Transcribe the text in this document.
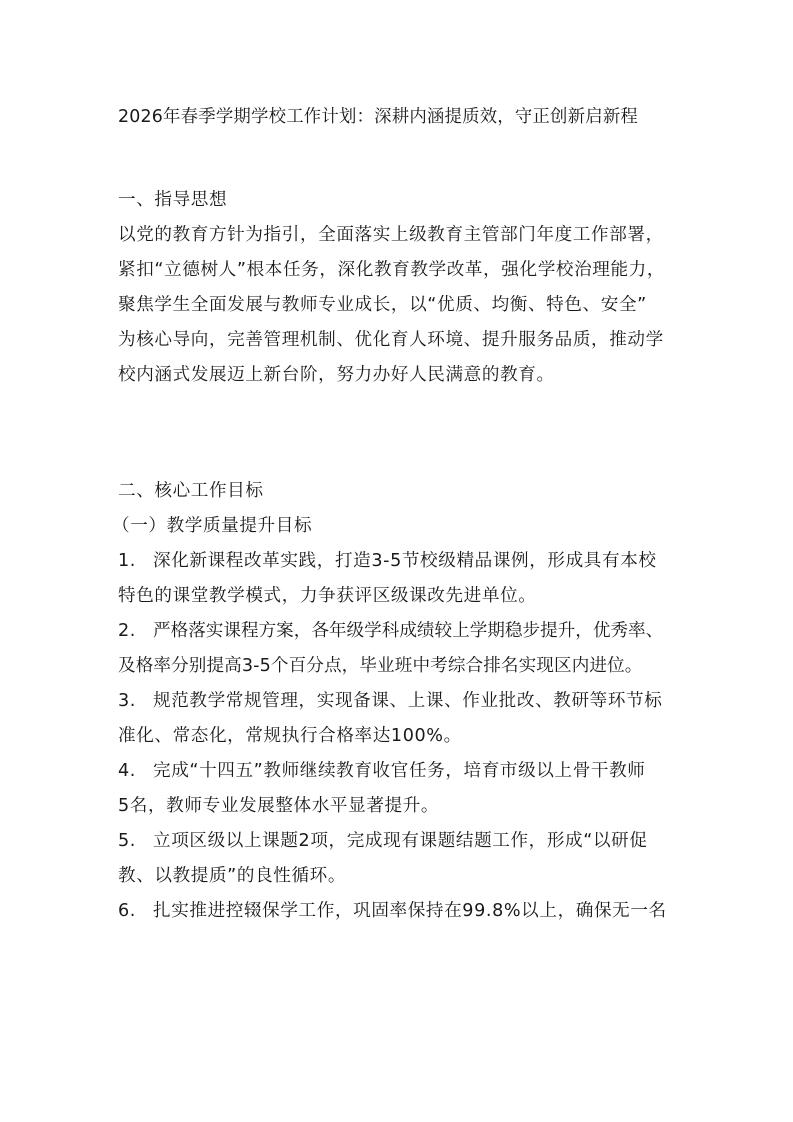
2026年春季学期学校工作计划：深耕内涵提质效，守正创新启新程
一、指导思想
以党的教育方针为指引，全面落实上级教育主管部门年度工作部署，
紧扣“立德树人”根本任务，深化教育教学改革，强化学校治理能力，
聚焦学生全面发展与教师专业成长，以“优质、均衡、特色、安全”
为核心导向，完善管理机制、优化育人环境、提升服务品质，推动学
校内涵式发展迈上新台阶，努力办好人民满意的教育。
二、核心工作目标
（一）教学质量提升目标
1. 深化新课程改革实践，打造3-5节校级精品课例，形成具有本校
特色的课堂教学模式，力争获评区级课改先进单位。
2. 严格落实课程方案，各年级学科成绩较上学期稳步提升，优秀率、
及格率分别提高3-5个百分点，毕业班中考综合排名实现区内进位。
3. 规范教学常规管理，实现备课、上课、作业批改、教研等环节标
准化、常态化，常规执行合格率达100%。
4. 完成“十四五”教师继续教育收官任务，培育市级以上骨干教师
5名，教师专业发展整体水平显著提升。
5. 立项区级以上课题2项，完成现有课题结题工作，形成“以研促
教、以教提质”的良性循环。
6. 扎实推进控辍保学工作，巩固率保持在99.8%以上，确保无一名
